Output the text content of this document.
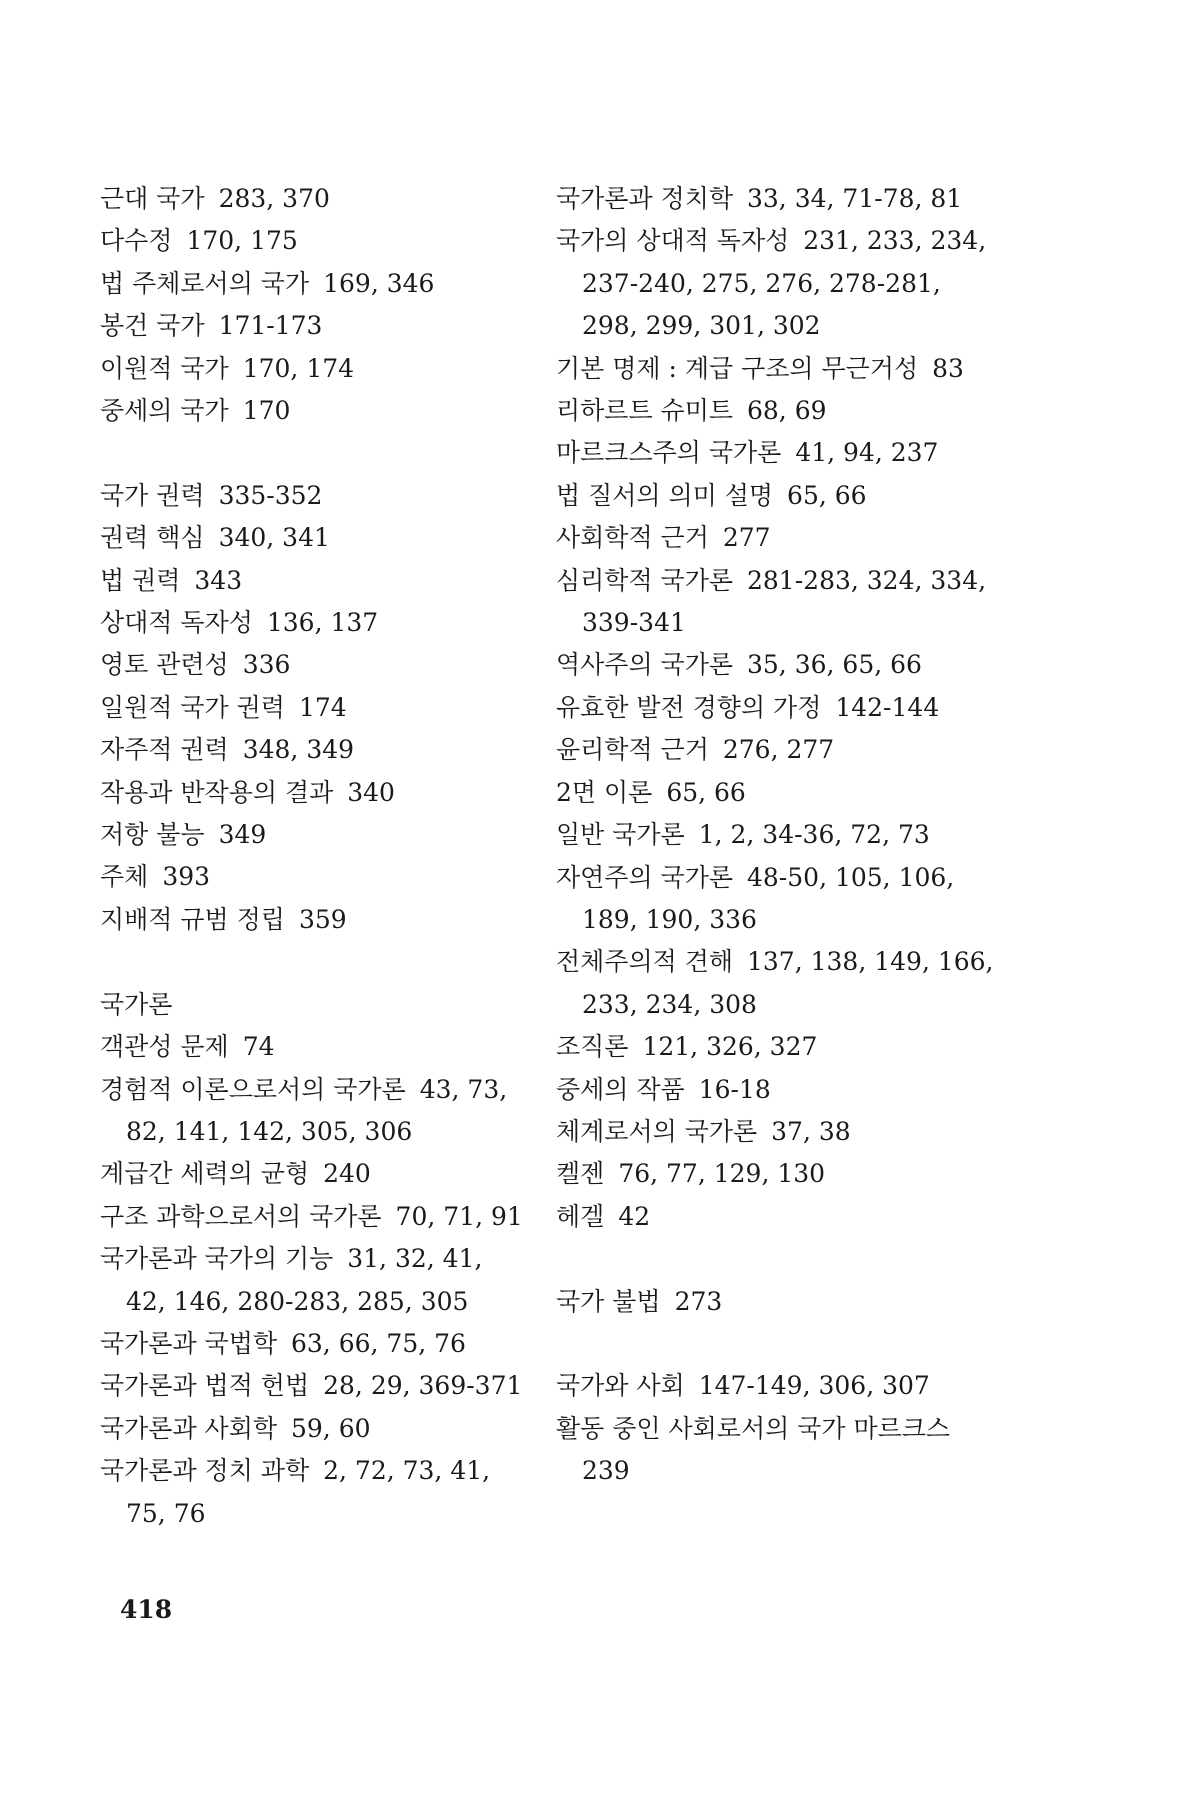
근대 국가 283, 370
다수정 170, 175
법 주체로서의 국가 169, 346
봉건 국가 171-173
이원적 국가 170, 174
중세의 국가 170
국가 권력 335-352
권력 핵심 340, 341
법 권력 343
상대적 독자성 136, 137
영토 관련성 336
일원적 국가 권력 174
자주적 권력 348, 349
작용과 반작용의 결과 340
저항 불능 349
주체 393
지배적 규범 정립 359
국가론
객관성 문제 74
경험적 이론으로서의 국가론 43, 73, 82, 141, 142, 305, 306
계급간 세력의 균형 240
구조 과학으로서의 국가론 70, 71, 91
국가론과 국가의 기능 31, 32, 41, 42, 146, 280-283, 285, 305
국가론과 국법학 63, 66, 75, 76
국가론과 법적 헌법 28, 29, 369-371
국가론과 사회학 59, 60
국가론과 정치 과학 2, 72, 73, 41, 75, 76
국가론과 정치학 33, 34, 71-78, 81
국가의 상대적 독자성 231, 233, 234, 237-240, 275, 276, 278-281, 298, 299, 301, 302
기본 명제 : 계급 구조의 무근거성 83
리하르트 슈미트 68, 69
마르크스주의 국가론 41, 94, 237
법 질서의 의미 설명 65, 66
사회학적 근거 277
심리학적 국가론 281-283, 324, 334, 339-341
역사주의 국가론 35, 36, 65, 66
유효한 발전 경향의 가정 142-144
윤리학적 근거 276, 277
2면 이론 65, 66
일반 국가론 1, 2, 34-36, 72, 73
자연주의 국가론 48-50, 105, 106, 189, 190, 336
전체주의적 견해 137, 138, 149, 166, 233, 234, 308
조직론 121, 326, 327
중세의 작품 16-18
체계로서의 국가론 37, 38
켈젠 76, 77, 129, 130
헤겔 42
국가 불법 273
국가와 사회 147-149, 306, 307
활동 중인 사회로서의 국가 마르크스239
418
